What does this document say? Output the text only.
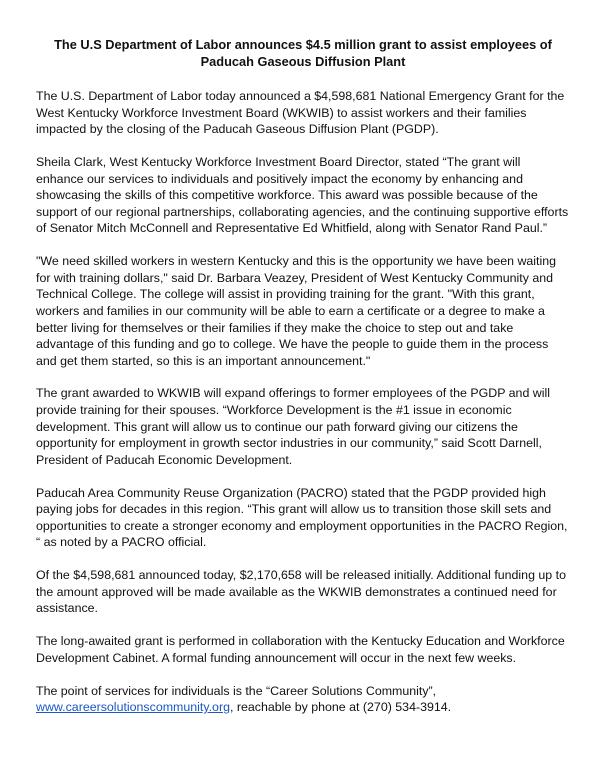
The U.S Department of Labor announces $4.5 million grant to assist employees of Paducah Gaseous Diffusion Plant

The U.S. Department of Labor today announced a $4,598,681 National Emergency Grant for the West Kentucky Workforce Investment Board (WKWIB) to assist workers and their families impacted by the closing of the Paducah Gaseous Diffusion Plant (PGDP).

Sheila Clark, West Kentucky Workforce Investment Board Director, stated “The grant will enhance our services to individuals and positively impact the economy by enhancing and showcasing the skills of this competitive workforce. This award was possible because of the support of our regional partnerships, collaborating agencies, and the continuing supportive efforts of Senator Mitch McConnell and Representative Ed Whitfield, along with Senator Rand Paul.”

"We need skilled workers in western Kentucky and this is the opportunity we have been waiting for with training dollars," said Dr. Barbara Veazey, President of West Kentucky Community and Technical College. The college will assist in providing training for the grant. "With this grant, workers and families in our community will be able to earn a certificate or a degree to make a better living for themselves or their families if they make the choice to step out and take advantage of this funding and go to college. We have the people to guide them in the process and get them started, so this is an important announcement."

The grant awarded to WKWIB will expand offerings to former employees of the PGDP and will provide training for their spouses. “Workforce Development is the #1 issue in economic development. This grant will allow us to continue our path forward giving our citizens the opportunity for employment in growth sector industries in our community,” said Scott Darnell, President of Paducah Economic Development.

Paducah Area Community Reuse Organization (PACRO) stated that the PGDP provided high paying jobs for decades in this region. “This grant will allow us to transition those skill sets and opportunities to create a stronger economy and employment opportunities in the PACRO Region, “ as noted by a PACRO official.

Of the $4,598,681 announced today, $2,170,658 will be released initially. Additional funding up to the amount approved will be made available as the WKWIB demonstrates a continued need for assistance.

The long-awaited grant is performed in collaboration with the Kentucky Education and Workforce Development Cabinet. A formal funding announcement will occur in the next few weeks.

The point of services for individuals is the “Career Solutions Community”,
www.careersolutionscommunity.org, reachable by phone at (270) 534-3914.
